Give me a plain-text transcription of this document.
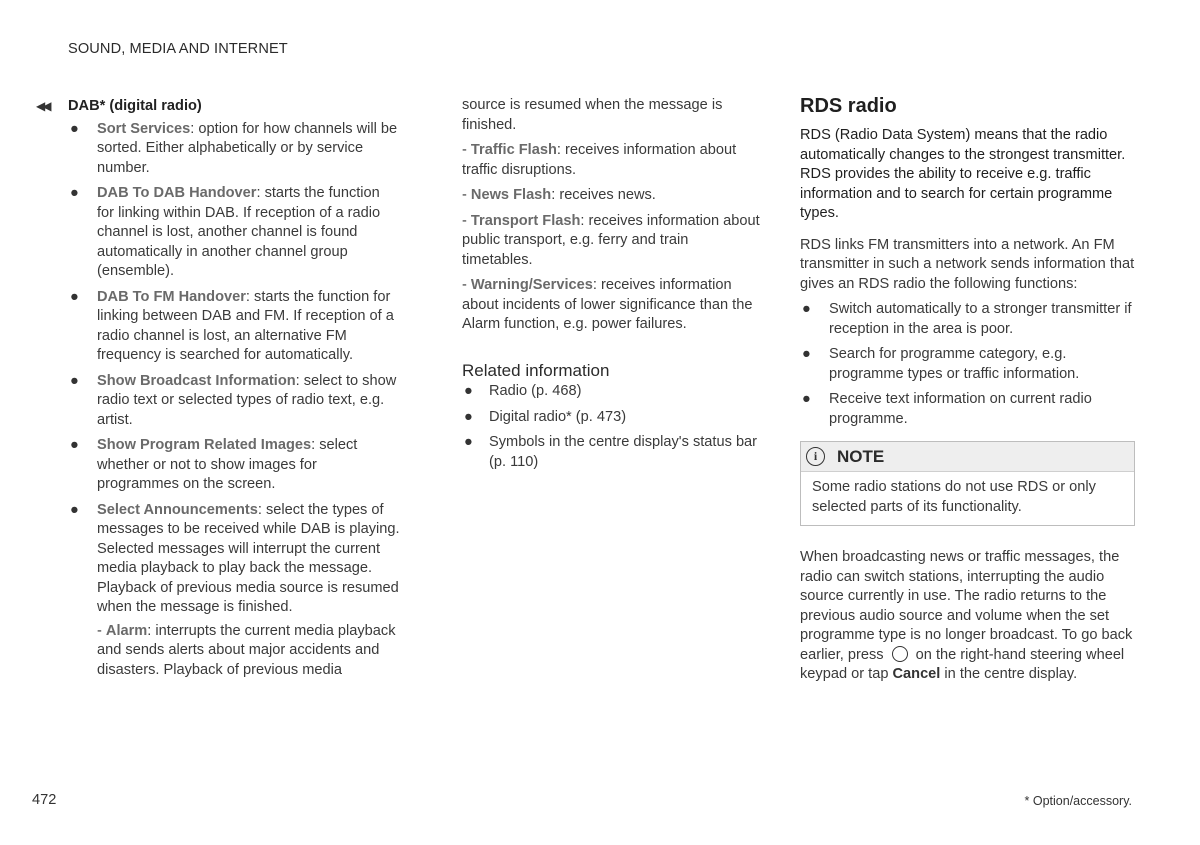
SOUND, MEDIA AND INTERNET
◀◀ DAB* (digital radio)
● Sort Services: option for how channels will be sorted. Either alphabetically or by service number.
● DAB To DAB Handover: starts the function for linking within DAB. If reception of a radio channel is lost, another channel is found automatically in another channel group (ensemble).
● DAB To FM Handover: starts the function for linking between DAB and FM. If reception of a radio channel is lost, an alternative FM frequency is searched for automatically.
● Show Broadcast Information: select to show radio text or selected types of radio text, e.g. artist.
● Show Program Related Images: select whether or not to show images for programmes on the screen.
● Select Announcements: select the types of messages to be received while DAB is playing. Selected messages will interrupt the current media playback to play back the message. Playback of previous media source is resumed when the message is finished.
- Alarm: interrupts the current media playback and sends alerts about major accidents and disasters. Playback of previous media

source is resumed when the message is finished.

- Traffic Flash: receives information about traffic disruptions.
- News Flash: receives news.
- Transport Flash: receives information about public transport, e.g. ferry and train timetables.
- Warning/Services: receives information about incidents of lower significance than the Alarm function, e.g. power failures.
Related information
● Radio (p. 468)
● Digital radio* (p. 473)
● Symbols in the centre display's status bar (p. 110)
RDS radio

RDS (Radio Data System) means that the radio automatically changes to the strongest transmitter. RDS provides the ability to receive e.g. traffic information and to search for certain programme types.

RDS links FM transmitters into a network. An FM transmitter in such a network sends information that gives an RDS radio the following functions:

● Switch automatically to a stronger transmitter if reception in the area is poor.
● Search for programme category, e.g. programme types or traffic information.
● Receive text information on current radio programme.
i	NOTE
Some radio stations do not use RDS or only selected parts of its functionality.

When broadcasting news or traffic messages, the radio can switch stations, interrupting the audio source currently in use. The radio returns to the previous audio source and volume when the set programme type is no longer broadcast. To go back earlier, press on the right-hand steering wheel keypad or tap Cancel in the centre display.

472	* Option/accessory.
